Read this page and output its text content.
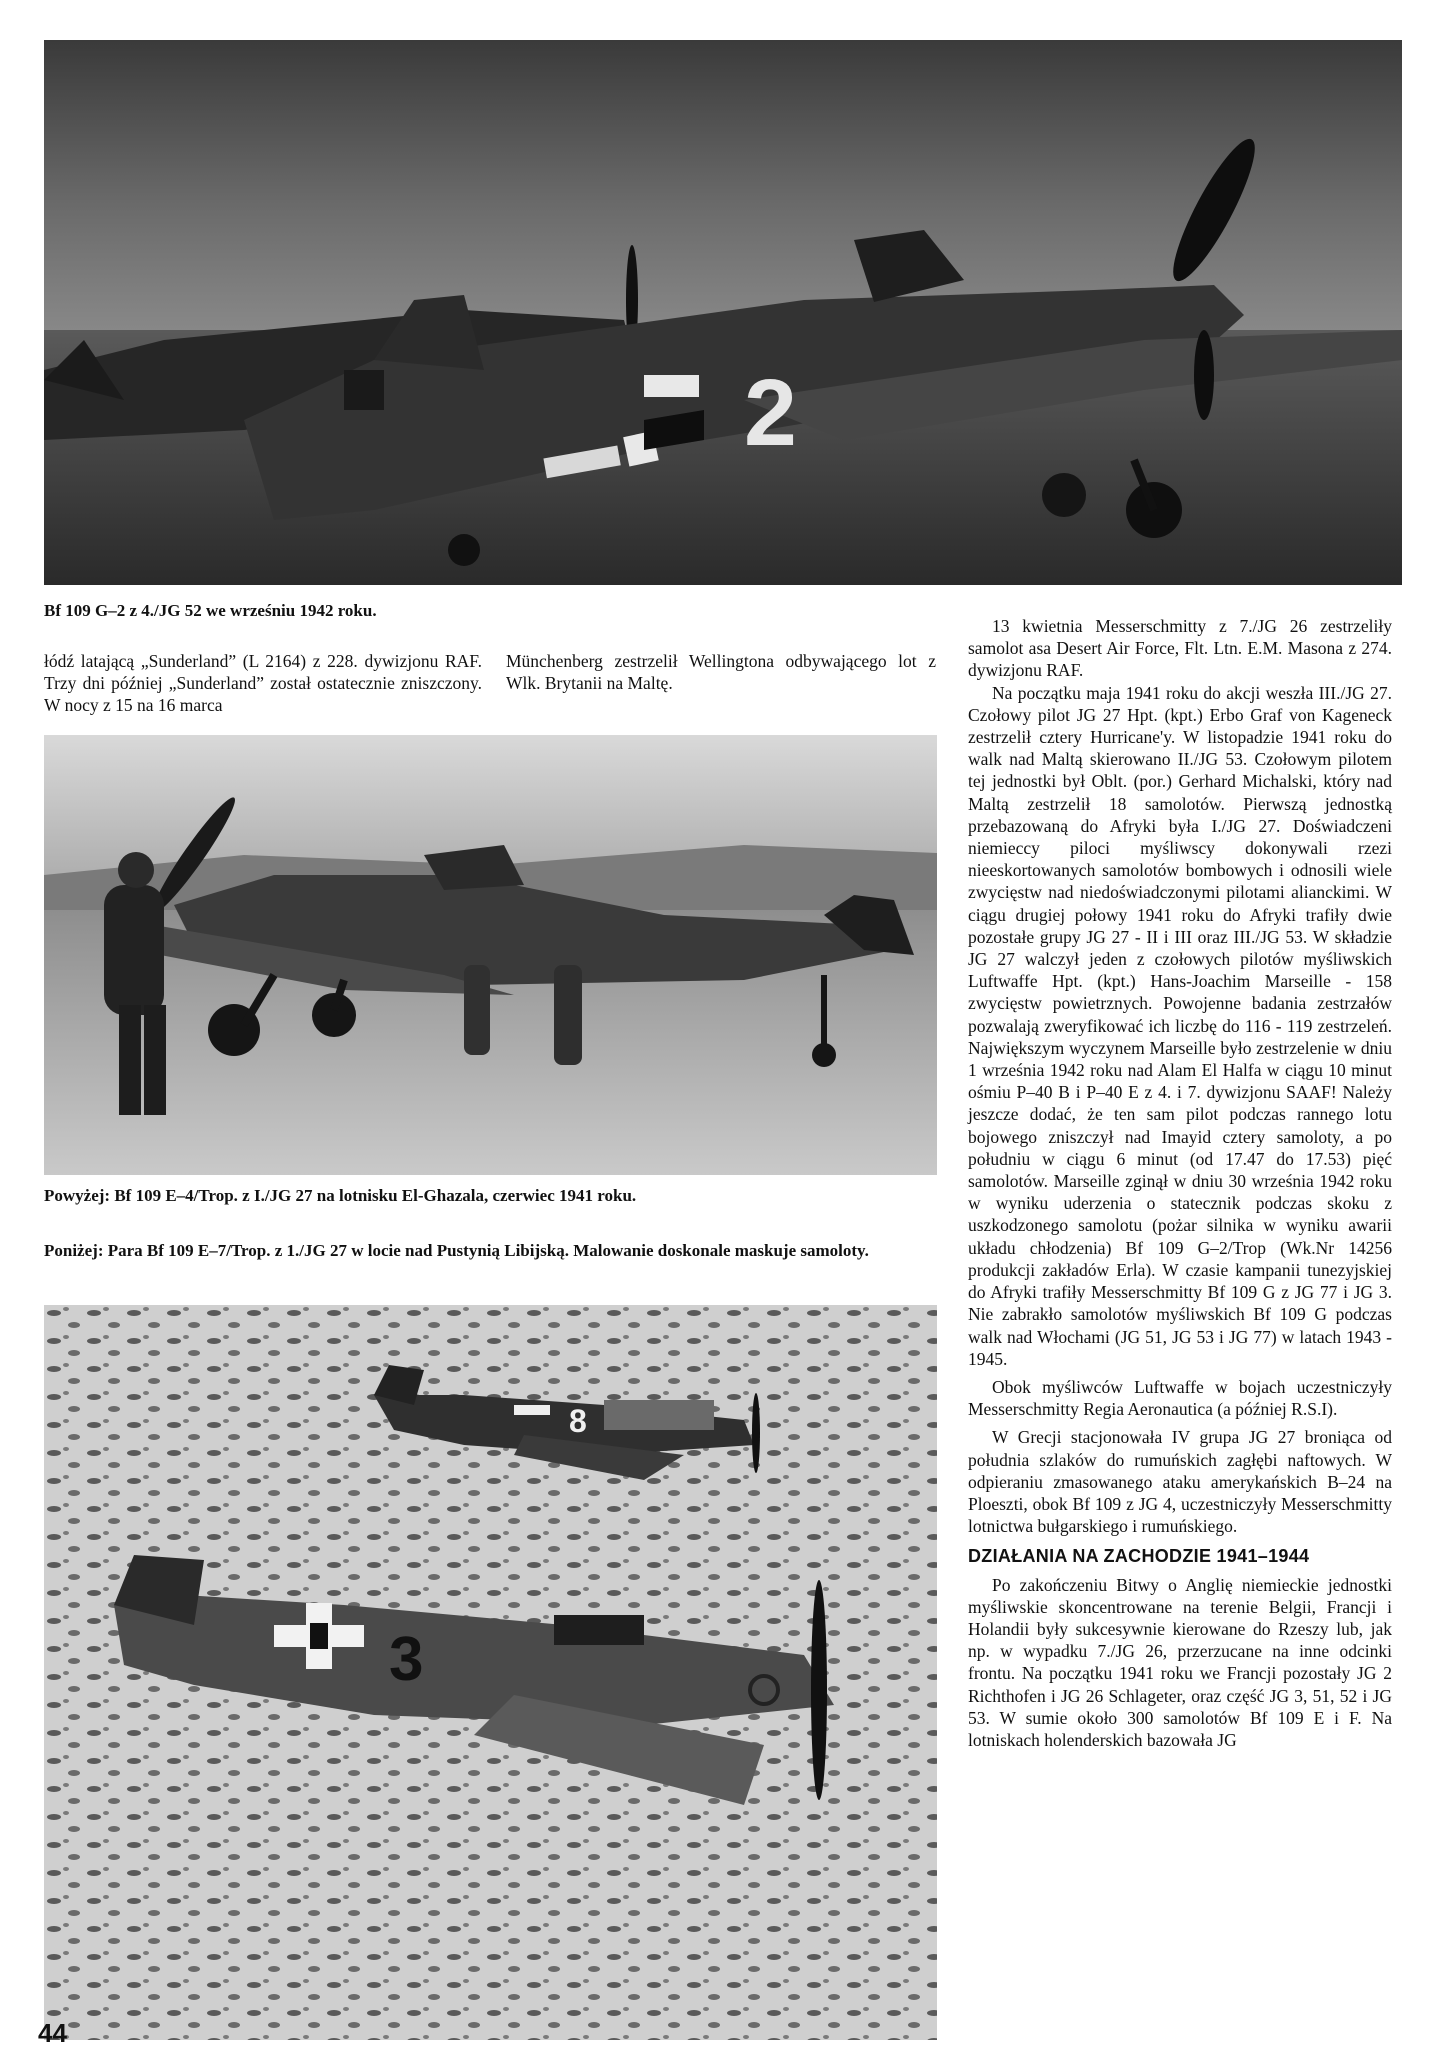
2
Bf 109 G–2 z 4./JG 52 we wrześniu 1942 roku.

łódź latającą „Sunderland” (L 2164) z 228. dywizjonu RAF. Trzy dni później „Sunderland” został ostatecznie zniszczony. W nocy z 15 na 16 marca

Münchenberg zestrzelił Wellingtona odbywającego lot z Wlk. Brytanii na Maltę.

Powyżej: Bf 109 E–4/Trop. z I./JG 27 na lotnisku El-Ghazala, czerwiec 1941 roku.
Poniżej: Para Bf 109 E–7/Trop. z 1./JG 27 w locie nad Pustynią Libijską. Malowanie doskonale maskuje samoloty.
8
3

13 kwietnia Messerschmitty z 7./JG 26 zestrzeliły samolot asa Desert Air Force, Flt. Ltn. E.M. Masona z 274. dywizjonu RAF.

Na początku maja 1941 roku do akcji weszła III./JG 27. Czołowy pilot JG 27 Hpt. (kpt.) Erbo Graf von Kageneck zestrzelił cztery Hurricane'y. W listopadzie 1941 roku do walk nad Maltą skierowano II./JG 53. Czołowym pilotem tej jednostki był Oblt. (por.) Gerhard Michalski, który nad Maltą zestrzelił 18 samolotów. Pierwszą jednostką przebazowaną do Afryki była I./JG 27. Doświadczeni niemieccy piloci myśliwscy dokonywali rzezi nieeskortowanych samolotów bombowych i odnosili wiele zwycięstw nad niedoświadczonymi pilotami alianckimi. W ciągu drugiej połowy 1941 roku do Afryki trafiły dwie pozostałe grupy JG 27 - II i III oraz III./JG 53. W składzie JG 27 walczył jeden z czołowych pilotów myśliwskich Luftwaffe Hpt. (kpt.) Hans-Joachim Marseille - 158 zwycięstw powietrznych. Powojenne badania zestrzałów pozwalają zweryfikować ich liczbę do 116 - 119 zestrzeleń. Największym wyczynem Marseille było zestrzelenie w dniu 1 września 1942 roku nad Alam El Halfa w ciągu 10 minut ośmiu P–40 B i P–40 E z 4. i 7. dywizjonu SAAF! Należy jeszcze dodać, że ten sam pilot podczas rannego lotu bojowego zniszczył nad Imayid cztery samoloty, a po południu w ciągu 6 minut (od 17.47 do 17.53) pięć samolotów. Marseille zginął w dniu 30 września 1942 roku w wyniku uderzenia o statecznik podczas skoku z uszkodzonego samolotu (pożar silnika w wyniku awarii układu chłodzenia) Bf 109 G–2/Trop (Wk.Nr 14256 produkcji zakładów Erla). W czasie kampanii tunezyjskiej do Afryki trafiły Messerschmitty Bf 109 G z JG 77 i JG 3. Nie zabrakło samolotów myśliwskich Bf 109 G podczas walk nad Włochami (JG 51, JG 53 i JG 77) w latach 1943 - 1945.

Obok myśliwców Luftwaffe w bojach uczestniczyły Messerschmitty Regia Aeronautica (a później R.S.I).

W Grecji stacjonowała IV grupa JG 27 broniąca od południa szlaków do rumuńskich zagłębi naftowych. W odpieraniu zmasowanego ataku amerykańskich B–24 na Ploeszti, obok Bf 109 z JG 4, uczestniczyły Messerschmitty lotnictwa bułgarskiego i rumuńskiego.

DZIAŁANIA NA ZACHODZIE 1941–1944

Po zakończeniu Bitwy o Anglię niemieckie jednostki myśliwskie skoncentrowane na terenie Belgii, Francji i Holandii były sukcesywnie kierowane do Rzeszy lub, jak np. w wypadku 7./JG 26, przerzucane na inne odcinki frontu. Na początku 1941 roku we Francji pozostały JG 2 Richthofen i JG 26 Schlageter, oraz część JG 3, 51, 52 i JG 53. W sumie około 300 samolotów Bf 109 E i F. Na lotniskach holenderskich bazowała JG

44
